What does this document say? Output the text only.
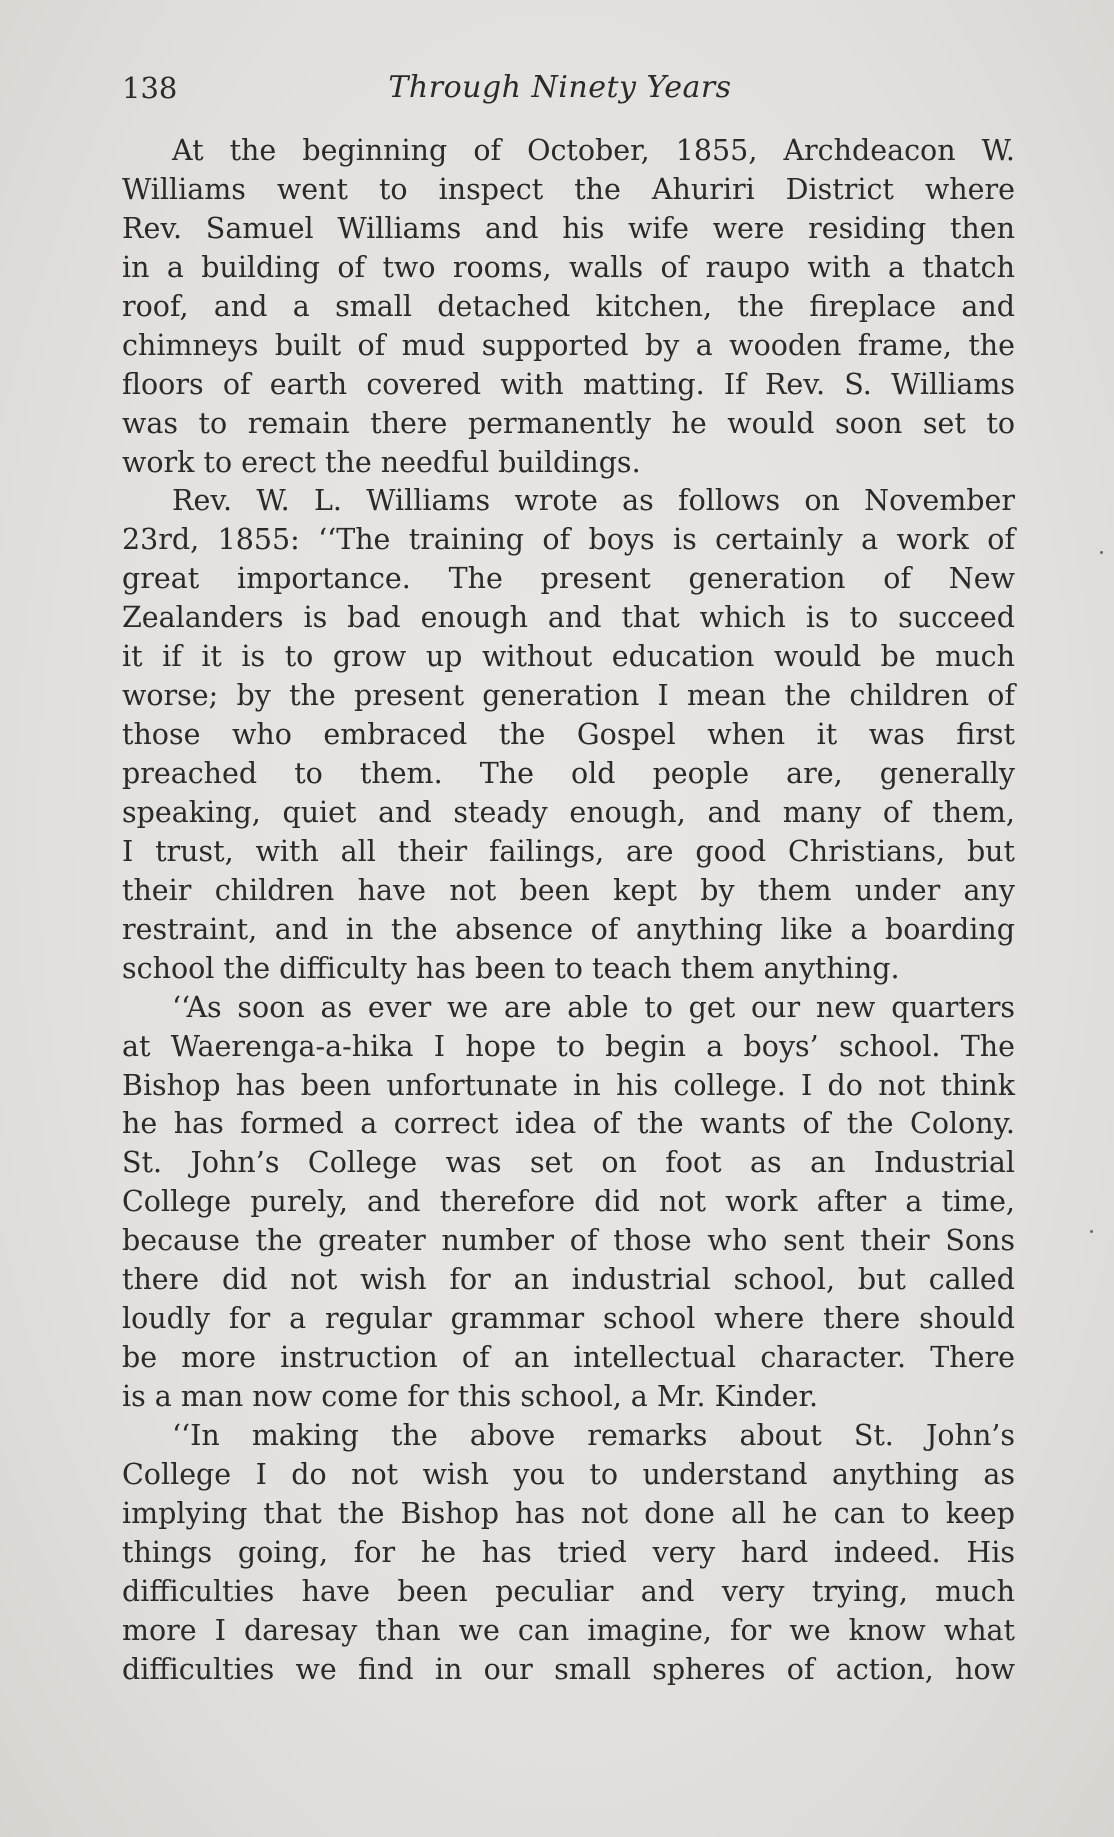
138	Through Ninety Years
At the beginning of October, 1855, Archdeacon W.
Williams went to inspect the Ahuriri District where
Rev. Samuel Williams and his wife were residing then
in a building of two rooms, walls of raupo with a thatch
roof, and a small detached kitchen, the fireplace and
chimneys built of mud supported by a wooden frame, the
floors of earth covered with matting. If Rev. S. Williams
was to remain there permanently he would soon set to
work to erect the needful buildings.
Rev. W. L. Williams wrote as follows on November
23rd, 1855: ‘‘The training of boys is certainly a work of
great importance. The present generation of New
Zealanders is bad enough and that which is to succeed
it if it is to grow up without education would be much
worse; by the present generation I mean the children of
those who embraced the Gospel when it was first
preached to them. The old people are, generally
speaking, quiet and steady enough, and many of them,
I trust, with all their failings, are good Christians, but
their children have not been kept by them under any
restraint, and in the absence of anything like a boarding
school the difficulty has been to teach them anything.
‘‘As soon as ever we are able to get our new quarters
at Waerenga-a-hika I hope to begin a boys’ school. The
Bishop has been unfortunate in his college. I do not think
he has formed a correct idea of the wants of the Colony.
St. John’s College was set on foot as an Industrial
College purely, and therefore did not work after a time,
because the greater number of those who sent their Sons
there did not wish for an industrial school, but called
loudly for a regular grammar school where there should
be more instruction of an intellectual character. There
is a man now come for this school, a Mr. Kinder.
‘‘In making the above remarks about St. John’s
College I do not wish you to understand anything as
implying that the Bishop has not done all he can to keep
things going, for he has tried very hard indeed. His
difficulties have been peculiar and very trying, much
more I daresay than we can imagine, for we know what
difficulties we find in our small spheres of action, how
